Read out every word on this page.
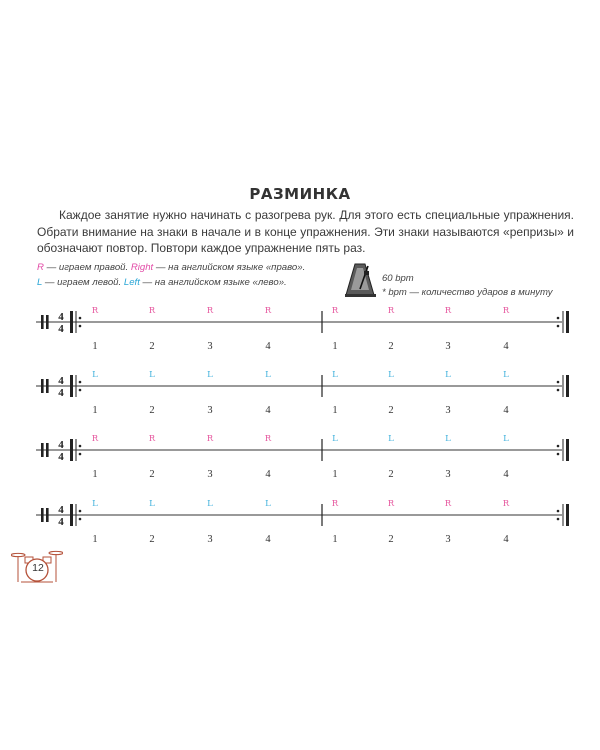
РАЗМИНКА
Каждое занятие нужно начинать с разогрева рук. Для этого есть специальные упражнения. Обрати внимание на знаки в начале и в конце упражнения. Эти знаки называются «репризы» и обозначают повтор. Повтори каждое упражнение пять раз.
R — играем правой. Right — на английском языке «право».
L — играем левой. Left — на английском языке «лево».	60 bpm
* bpm — количество ударов в минуту
4
4
R
1
R
2
R
3
R
4
R
1
R
2
R
3
R
4
4
4
L
1
L
2
L
3
L
4
L
1
L
2
L
3
L
4
4
4
R
1
R
2
R
3
R
4
L
1
L
2
L
3
L
4
4
4
L
1
L
2
L
3
L
4
R
1
R
2
R
3
R
4
12
